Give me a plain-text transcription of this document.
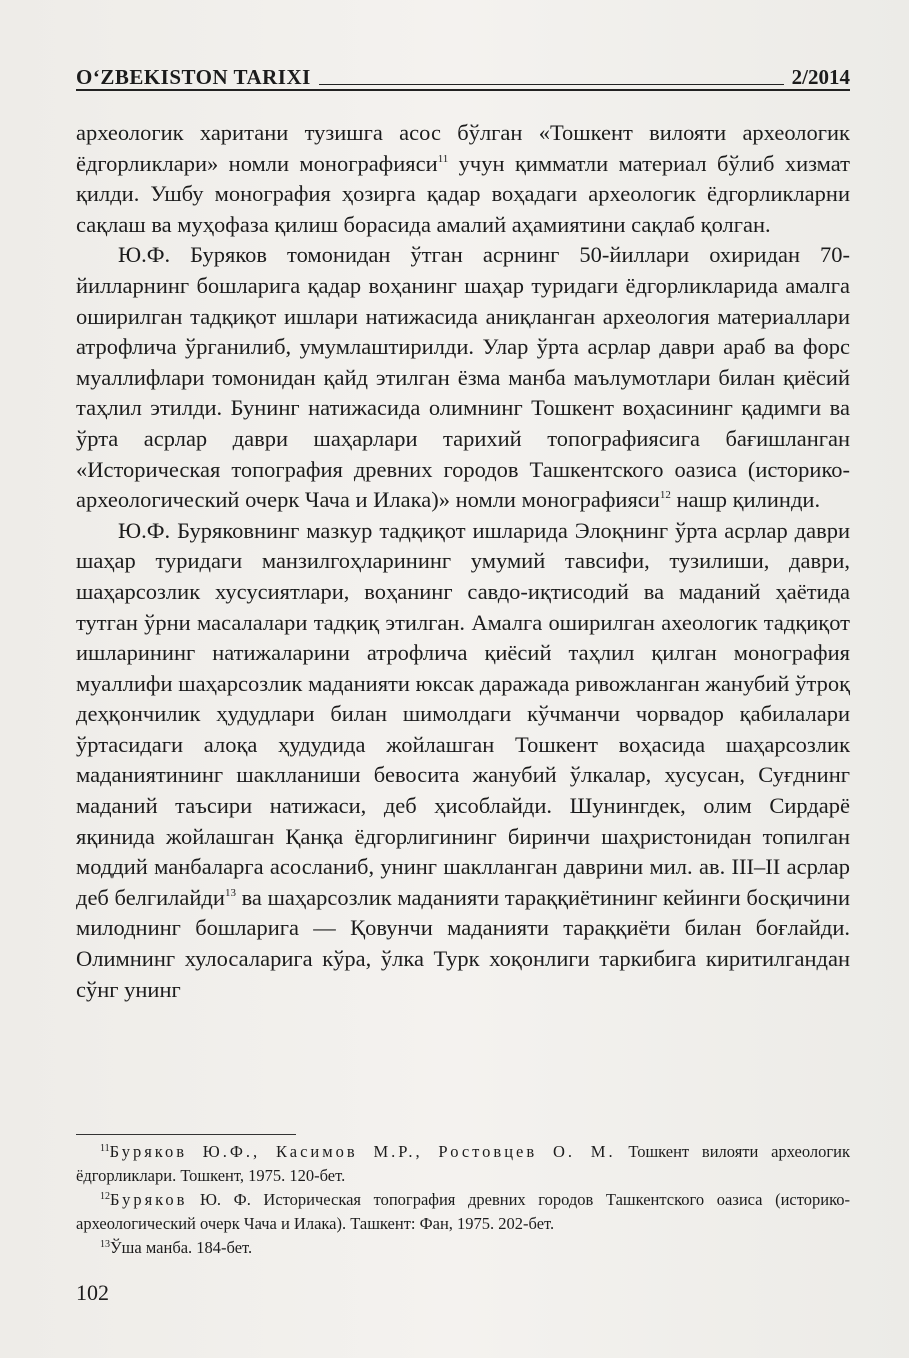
O‘ZBEKISTON TARIXI	2/2014

археологик харитани тузишга асос бўлган «Тошкент вилояти археологик ёдгорликлари» номли монографияси$^{11}$ учун қимматли материал бўлиб хизмат қилди. Ушбу монография ҳозирга қадар воҳадаги археологик ёдгорликларни сақлаш ва муҳофаза қилиш борасида амалий аҳамиятини сақлаб қолган.

Ю.Ф. Буряков томонидан ўтган асрнинг 50-йиллари охиридан 70-йилларнинг бошларига қадар воҳанинг шаҳар туридаги ёдгорликларида амалга оширилган тадқиқот ишлари натижасида аниқланган археология материаллари атрофлича ўрганилиб, умумлаштирилди. Улар ўрта асрлар даври араб ва форс муаллифлари томонидан қайд этилган ёзма манба маълумотлари билан қиёсий таҳлил этилди. Бунинг натижасида олимнинг Тошкент воҳасининг қадимги ва ўрта асрлар даври шаҳарлари тарихий топографиясига бағишланган «Историческая топография древних городов Ташкентского оазиса (историко-археологический очерк Чача и Илака)» номли монографияси$^{12}$ нашр қилинди.

Ю.Ф. Буряковнинг мазкур тадқиқот ишларида Элоқнинг ўрта асрлар даври шаҳар туридаги манзилгоҳларининг умумий тавсифи, тузилиши, даври, шаҳарсозлик хусусиятлари, воҳанинг савдо-иқтисодий ва маданий ҳаётида тутган ўрни масалалари тадқиқ этилган. Амалга оширилган ахеологик тадқиқот ишларининг натижаларини атрофлича қиёсий таҳлил қилган монография муаллифи шаҳарсозлик маданияти юксак даражада ривожланган жанубий ўтроқ деҳқончилик ҳудудлари билан шимолдаги кўчманчи чорвадор қабилалари ўртасидаги алоқа ҳудудида жойлашган Тошкент воҳасида шаҳарсозлик маданиятининг шаклланиши бевосита жанубий ўлкалар, хусусан, Суғднинг маданий таъсири натижаси, деб ҳисоблайди. Шунингдек, олим Сирдарё яқинида жойлашган Қанқа ёдгорлигининг биринчи шаҳристонидан топилган моддий манбаларга асосланиб, унинг шаклланган даврини мил. ав. III–II асрлар деб белгилайди$^{13}$ ва шаҳарсозлик маданияти тараққиётининг кейинги босқичини милоднинг бошларига — Қовунчи маданияти тараққиёти билан боғлайди. Олимнинг хулосаларига кўра, ўлка Турк хоқонлиги таркибига киритилгандан сўнг унинг

$^{11}$Буряков Ю.Ф., Касимов М.Р., Ростовцев О. М. Тошкент вилояти археологик ёдгорликлари. Тошкент, 1975. 120-бет.

$^{12}$Буряков Ю. Ф. Историческая топография древних городов Ташкентского оазиса (историко-археологический очерк Чача и Илака). Ташкент: Фан, 1975. 202-бет.

$^{13}$Ўша манба. 184-бет.

102
